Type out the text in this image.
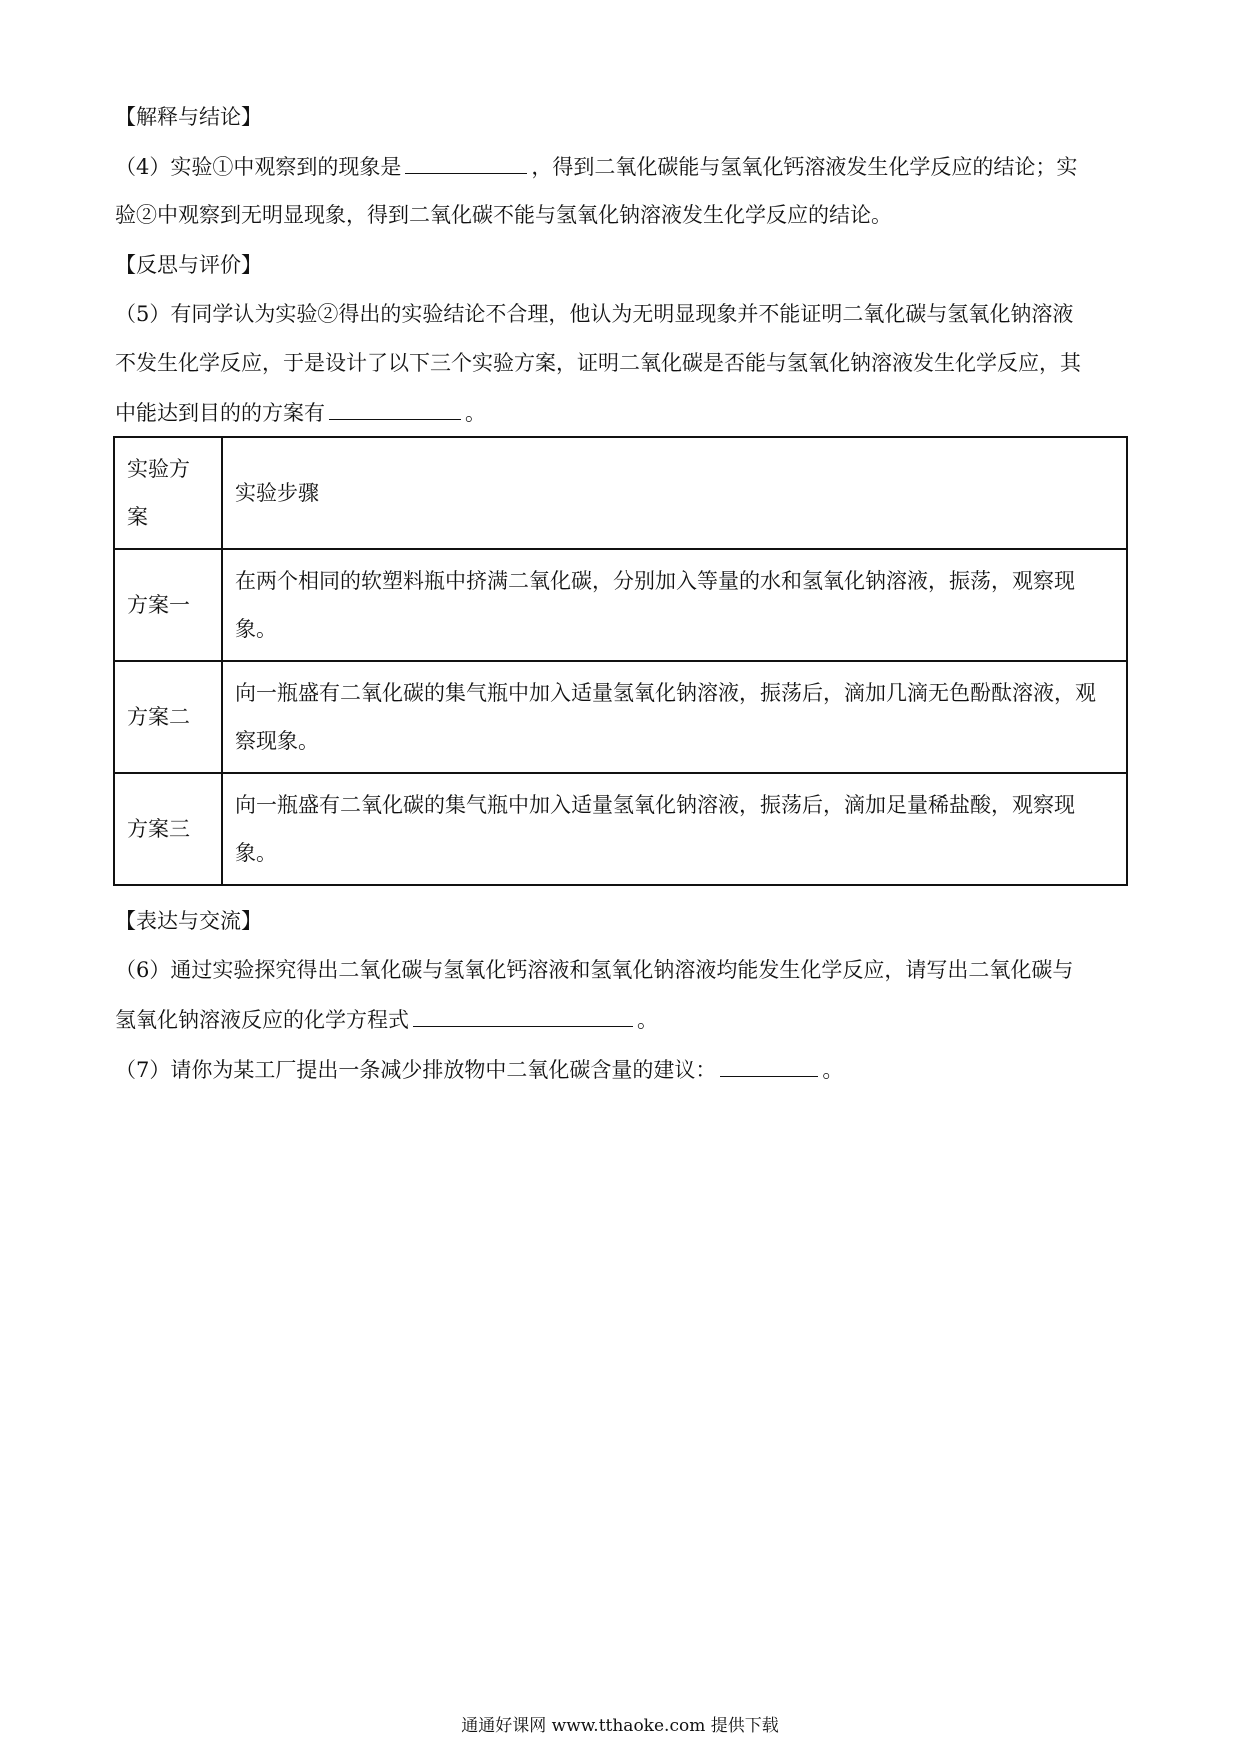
【解释与结论】
（4）实验①中观察到的现象是	，得到二氧化碳能与氢氧化钙溶液发生化学反应的结论；实
验②中观察到无明显现象，得到二氧化碳不能与氢氧化钠溶液发生化学反应的结论。
【反思与评价】
（5）有同学认为实验②得出的实验结论不合理，他认为无明显现象并不能证明二氧化碳与氢氧化钠溶液
不发生化学反应，于是设计了以下三个实验方案，证明二氧化碳是否能与氢氧化钠溶液发生化学反应，其
中能达到目的的方案有	。
实验方案	实验步骤
方案一	在两个相同的软塑料瓶中挤满二氧化碳，分别加入等量的水和氢氧化钠溶液，振荡，观察现象。
方案二	向一瓶盛有二氧化碳的集气瓶中加入适量氢氧化钠溶液，振荡后，滴加几滴无色酚酞溶液，观察现象。
方案三	向一瓶盛有二氧化碳的集气瓶中加入适量氢氧化钠溶液，振荡后，滴加足量稀盐酸，观察现象。
【表达与交流】
（6）通过实验探究得出二氧化碳与氢氧化钙溶液和氢氧化钠溶液均能发生化学反应，请写出二氧化碳与
氢氧化钠溶液反应的化学方程式	。
（7）请你为某工厂提出一条减少排放物中二氧化碳含量的建议：	。
通通好课网 www.tthaoke.com 提供下载
